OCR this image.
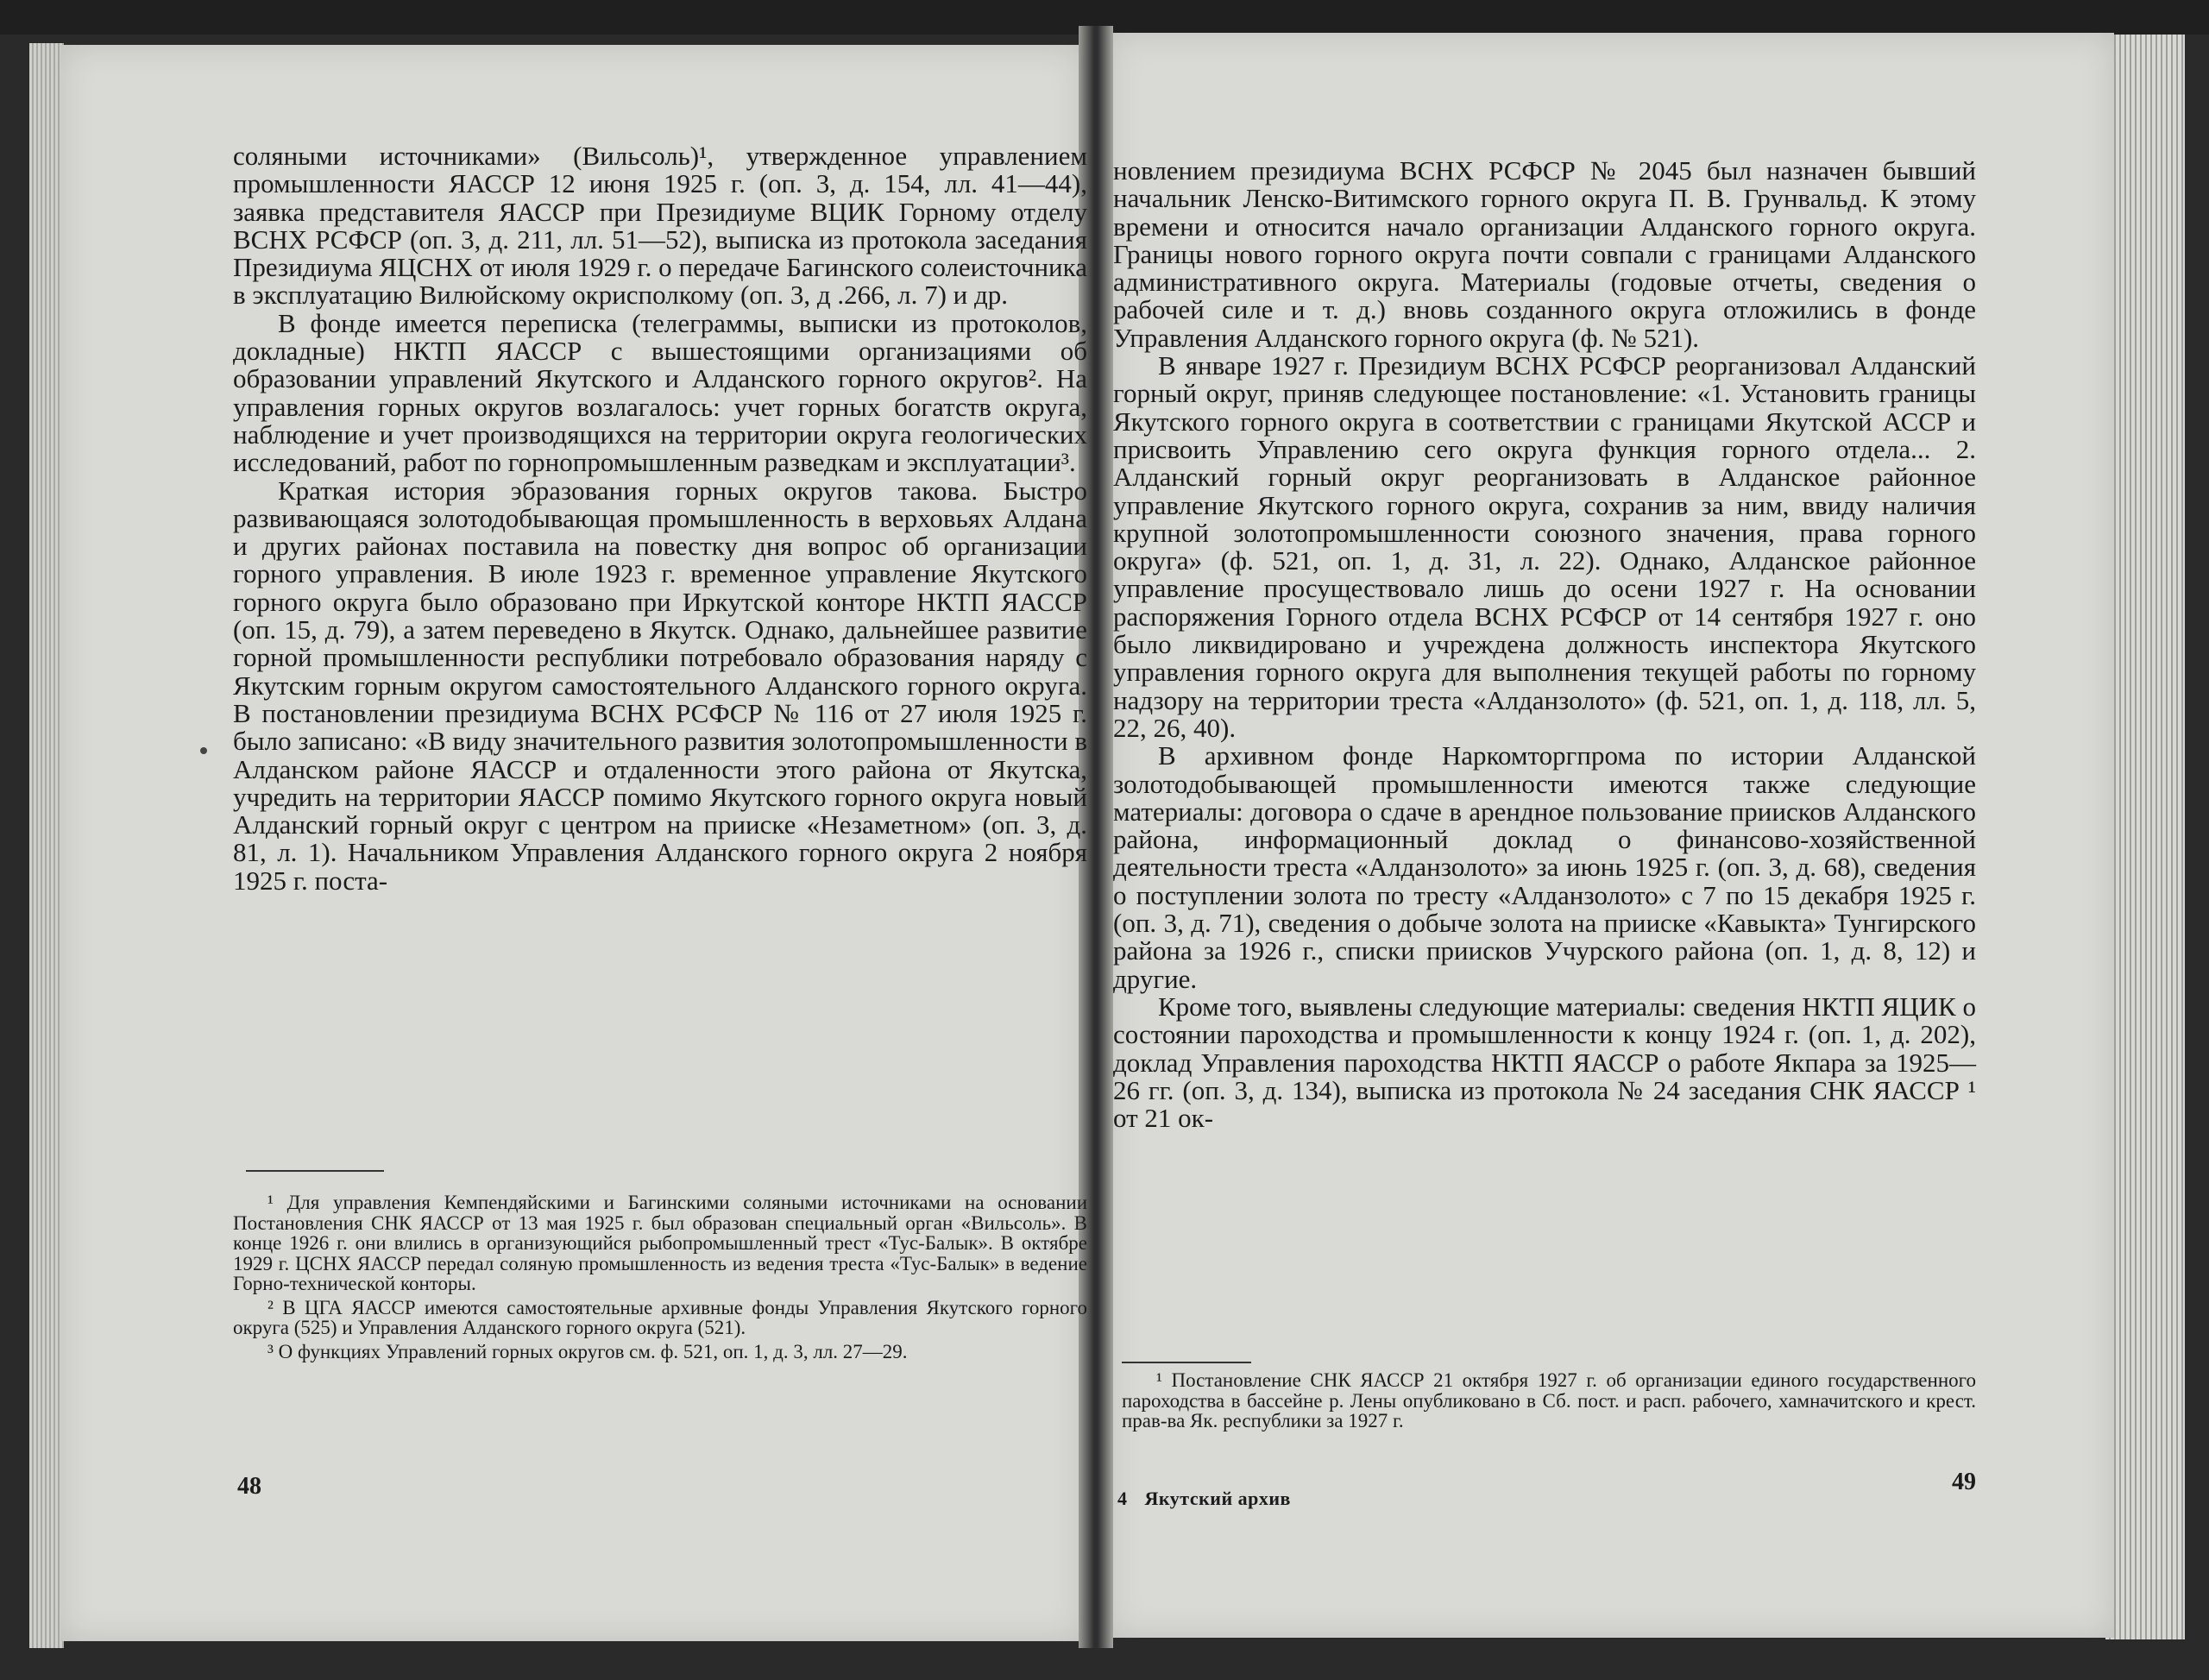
соляными источниками» (Вильсоль)¹, утвержденное управлением промышленности ЯАССР 12 июня 1925 г. (оп. 3, д. 154, лл. 41—44), заявка представителя ЯАССР при Президиуме ВЦИК Горному отделу ВСНХ РСФСР (оп. 3, д. 211, лл. 51—52), выписка из протокола заседания Президиума ЯЦСНХ от июля 1929 г. о передаче Багинского солеисточника в эксплуатацию Вилюйскому окрисполкому (оп. 3, д .266, л. 7) и др.

В фонде имеется переписка (телеграммы, выписки из протоколов, докладные) НКТП ЯАССР с вышестоящими организациями об образовании управлений Якутского и Алданского горного округов². На управления горных округов возлагалось: учет горных богатств округа, наблюдение и учет производящихся на территории округа геологических исследований, работ по горнопромышленным разведкам и эксплуатации³.

Краткая история эбразования горных округов такова. Быстро развивающаяся золотодобывающая промышленность в верховьях Алдана и других районах поставила на повестку дня вопрос об организации горного управления. В июле 1923 г. временное управление Якутского горного округа было образовано при Иркутской конторе НКТП ЯАССР (оп. 15, д. 79), а затем переведено в Якутск. Однако, дальнейшее развитие горной промышленности республики потребовало образования наряду с Якутским горным округом самостоятельного Алданского горного округа. В постановлении президиума ВСНХ РСФСР № 116 от 27 июля 1925 г. было записано: «В виду значительного развития золотопромышленности в Алданском районе ЯАССР и отдаленности этого района от Якутска, учредить на территории ЯАССР помимо Якутского горного округа новый Алданский горный округ с центром на прииске «Незаметном» (оп. 3, д. 81, л. 1). Начальником Управления Алданского горного округа 2 ноября 1925 г. поста-

¹ Для управления Кемпендяйскими и Багинскими соляными источниками на основании Постановления СНК ЯАССР от 13 мая 1925 г. был образован специальный орган «Вильсоль». В конце 1926 г. они влились в организующийся рыбопромышленный трест «Тус-Балык». В октябре 1929 г. ЦСНХ ЯАССР передал соляную промышленность из ведения треста «Тус-Балык» в ведение Горно-технической конторы.

² В ЦГА ЯАССР имеются самостоятельные архивные фонды Управления Якутского горного округа (525) и Управления Алданского горного округа (521).

³ О функциях Управлений горных округов см. ф. 521, оп. 1, д. 3, лл. 27—29.

48

новлением президиума ВСНХ РСФСР № 2045 был назначен бывший начальник Ленско-Витимского горного округа П. В. Грунвальд. К этому времени и относится начало организации Алданского горного округа. Границы нового горного округа почти совпали с границами Алданского административного округа. Материалы (годовые отчеты, сведения о рабочей силе и т. д.) вновь созданного округа отложились в фонде Управления Алданского горного округа (ф. № 521).

В январе 1927 г. Президиум ВСНХ РСФСР реорганизовал Алданский горный округ, приняв следующее постановление: «1. Установить границы Якутского горного округа в соответствии с границами Якутской АССР и присвоить Управлению сего округа функция горного отдела... 2. Алданский горный округ реорганизовать в Алданское районное управление Якутского горного округа, сохранив за ним, ввиду наличия крупной золотопромышленности союзного значения, права горного округа» (ф. 521, оп. 1, д. 31, л. 22). Однако, Алданское районное управление просуществовало лишь до осени 1927 г. На основании распоряжения Горного отдела ВСНХ РСФСР от 14 сентября 1927 г. оно было ликвидировано и учреждена должность инспектора Якутского управления горного округа для выполнения текущей работы по горному надзору на территории треста «Алданзолото» (ф. 521, оп. 1, д. 118, лл. 5, 22, 26, 40).

В архивном фонде Наркомторгпрома по истории Алданской золотодобывающей промышленности имеются также следующие материалы: договора о сдаче в арендное пользование приисков Алданского района, информационный доклад о финансово-хозяйственной деятельности треста «Алданзолото» за июнь 1925 г. (оп. 3, д. 68), сведения о поступлении золота по тресту «Алданзолото» с 7 по 15 декабря 1925 г. (оп. 3, д. 71), сведения о добыче золота на прииске «Кавыкта» Тунгирского района за 1926 г., списки приисков Учурского района (оп. 1, д. 8, 12) и другие.

Кроме того, выявлены следующие материалы: сведения НКТП ЯЦИК о состоянии пароходства и промышленности к концу 1924 г. (оп. 1, д. 202), доклад Управления пароходства НКТП ЯАССР о работе Якпара за 1925—26 гг. (оп. 3, д. 134), выписка из протокола № 24 заседания СНК ЯАССР ¹ от 21 ок-

¹ Постановление СНК ЯАССР 21 октября 1927 г. об организации единого государственного пароходства в бассейне р. Лены опубликовано в Сб. пост. и расп. рабочего, хамначитского и крест. прав-ва Як. республики за 1927 г.

4 Якутский архив
49
